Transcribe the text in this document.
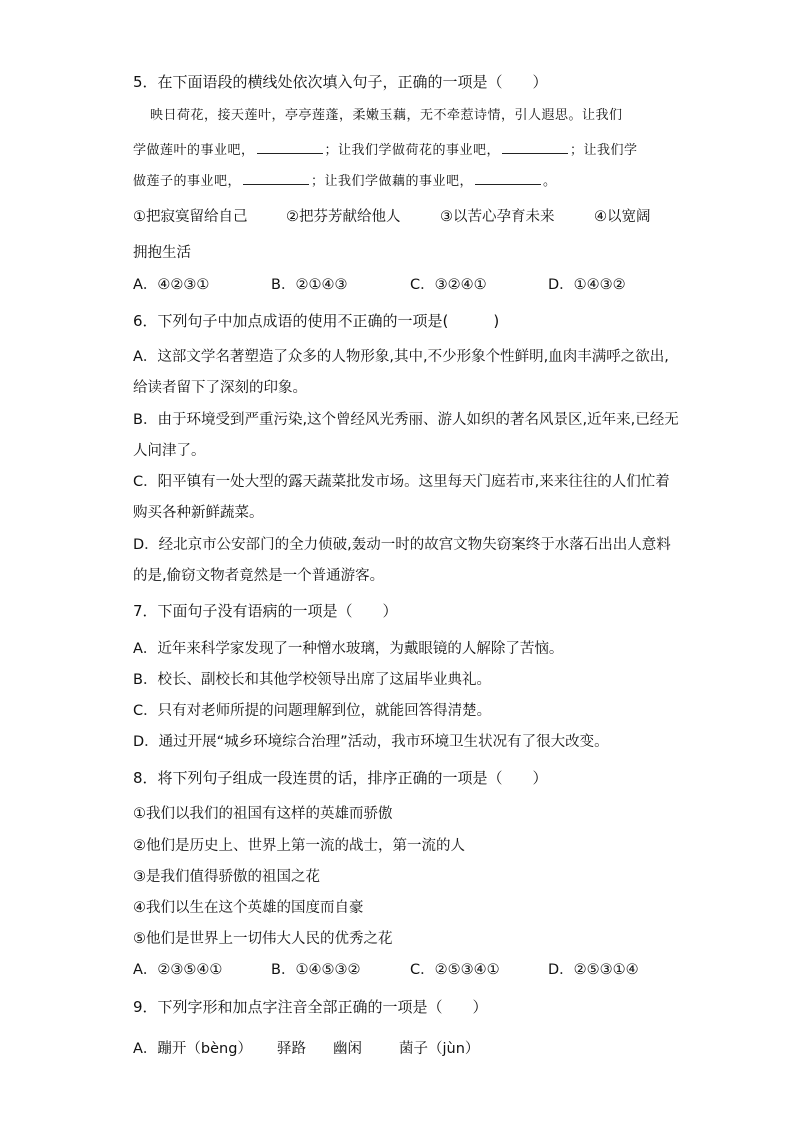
5．在下面语段的横线处依次填入句子，正确的一项是（　　）
映日荷花，接天莲叶，亭亭莲蓬，柔嫩玉藕，无不牵惹诗情，引人遐思。让我们
学做莲叶的事业吧，	；让我们学做荷花的事业吧，	；让我们学
做莲子的事业吧，	；让我们学做藕的事业吧，	。
①把寂寞留给自己	②把芬芳献给他人	③以苦心孕育未来	④以宽阔
拥抱生活
A．④②③①	B．②①④③	C．③②④①	D．①④③②
6．下列句子中加点成语的使用不正确的一项是(　　　)
A．这部文学名著塑造了众多的人物形象,其中,不少形象个性鲜明,血肉丰满呼之欲出,
给读者留下了深刻的印象。
B．由于环境受到严重污染,这个曾经风光秀丽、游人如织的著名风景区,近年来,已经无
人问津了。
C．阳平镇有一处大型的露天蔬菜批发市场。这里每天门庭若市,来来往往的人们忙着
购买各种新鲜蔬菜。
D．经北京市公安部门的全力侦破,轰动一时的故宫文物失窃案终于水落石出出人意料
的是,偷窃文物者竟然是一个普通游客。
7．下面句子没有语病的一项是（　　）
A．近年来科学家发现了一种憎水玻璃，为戴眼镜的人解除了苦恼。
B．校长、副校长和其他学校领导出席了这届毕业典礼。
C．只有对老师所提的问题理解到位，就能回答得清楚。
D．通过开展“城乡环境综合治理”活动，我市环境卫生状况有了很大改变。
8．将下列句子组成一段连贯的话，排序正确的一项是（　　）
①我们以我们的祖国有这样的英雄而骄傲
②他们是历史上、世界上第一流的战士，第一流的人
③是我们值得骄傲的祖国之花
④我们以生在这个英雄的国度而自豪
⑤他们是世界上一切伟大人民的优秀之花
A．②③⑤④①	B．①④⑤③②	C．②⑤③④①	D．②⑤③①④
9．下列字形和加点字注音全部正确的一项是（　　）
A．蹦开（bèng） 驿路 幽闲	菌子（jùn）
